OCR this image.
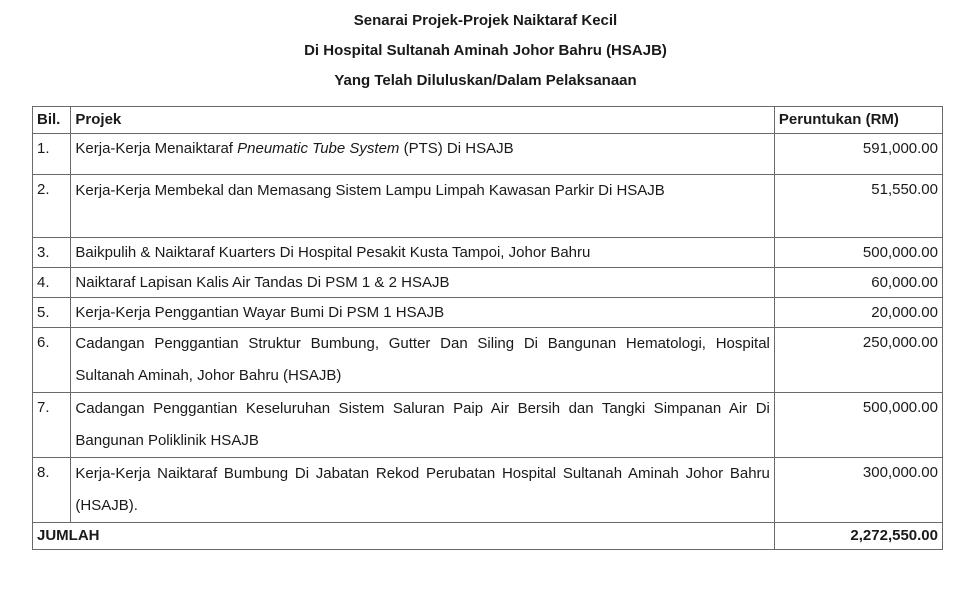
Senarai Projek-Projek Naiktaraf Kecil
Di Hospital Sultanah Aminah Johor Bahru (HSAJB)
Yang Telah Diluluskan/Dalam Pelaksanaan
Bil.	Projek	Peruntukan (RM)
1.	Kerja-Kerja Menaiktaraf Pneumatic Tube System (PTS) Di HSAJB	591,000.00
2.	Kerja-Kerja Membekal dan Memasang Sistem Lampu Limpah Kawasan Parkir Di HSAJB	51,550.00
3.	Baikpulih & Naiktaraf Kuarters Di Hospital Pesakit Kusta Tampoi, Johor Bahru	500,000.00
4.	Naiktaraf Lapisan Kalis Air Tandas Di PSM 1 & 2 HSAJB	60,000.00
5.	Kerja-Kerja Penggantian Wayar Bumi Di PSM 1 HSAJB	20,000.00
6.	Cadangan Penggantian Struktur Bumbung, Gutter Dan Siling Di Bangunan Hematologi, Hospital Sultanah Aminah, Johor Bahru (HSAJB)	250,000.00
7.	Cadangan Penggantian Keseluruhan Sistem Saluran Paip Air Bersih dan Tangki Simpanan Air Di Bangunan Poliklinik HSAJB	500,000.00
8.	Kerja-Kerja Naiktaraf Bumbung Di Jabatan Rekod Perubatan Hospital Sultanah Aminah Johor Bahru (HSAJB).	300,000.00
JUMLAH		2,272,550.00
